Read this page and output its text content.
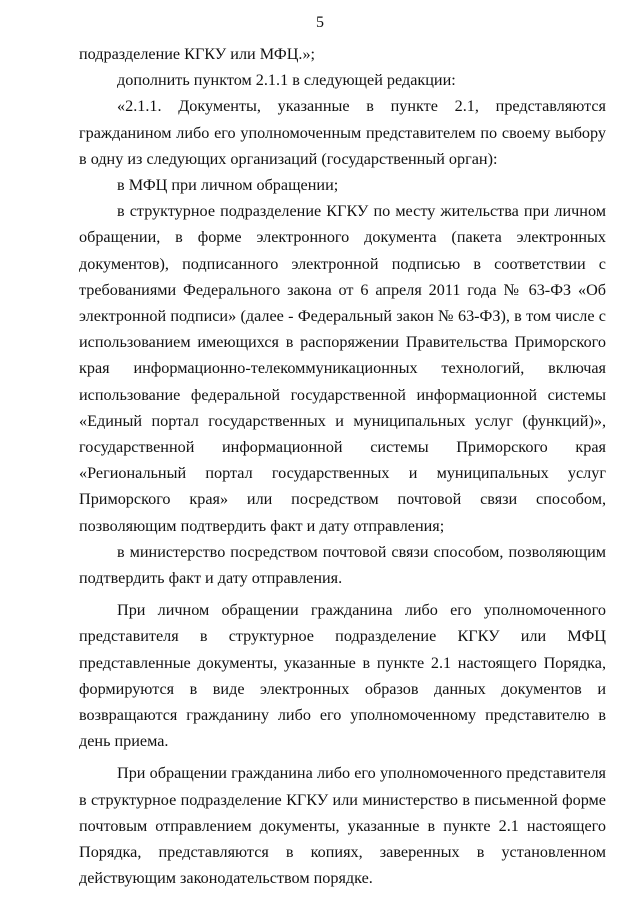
5

подразделение КГКУ или МФЦ.»;

дополнить пунктом 2.1.1 в следующей редакции:

«2.1.1. Документы, указанные в пункте 2.1, представляются гражданином либо его уполномоченным представителем по своему выбору в одну из следующих организаций (государственный орган):

в МФЦ при личном обращении;

в структурное подразделение КГКУ по месту жительства при личном обращении, в форме электронного документа (пакета электронных документов), подписанного электронной подписью в соответствии с требованиями Федерального закона от 6 апреля 2011 года № 63-ФЗ «Об электронной подписи» (далее - Федеральный закон № 63-ФЗ), в том числе с использованием имеющихся в распоряжении Правительства Приморского края информационно-телекоммуникационных технологий, включая использование федеральной государственной информационной системы «Единый портал государственных и муниципальных услуг (функций)», государственной информационной системы Приморского края «Региональный портал государственных и муниципальных услуг Приморского края» или посредством почтовой связи способом, позволяющим подтвердить факт и дату отправления;

в министерство посредством почтовой связи способом, позволяющим подтвердить факт и дату отправления.

При личном обращении гражданина либо его уполномоченного представителя в структурное подразделение КГКУ или МФЦ представленные документы, указанные в пункте 2.1 настоящего Порядка, формируются в виде электронных образов данных документов и возвращаются гражданину либо его уполномоченному представителю в день приема.

При обращении гражданина либо его уполномоченного представителя в структурное подразделение КГКУ или министерство в письменной форме почтовым отправлением документы, указанные в пункте 2.1 настоящего Порядка, представляются в копиях, заверенных в установленном действующим законодательством порядке.
